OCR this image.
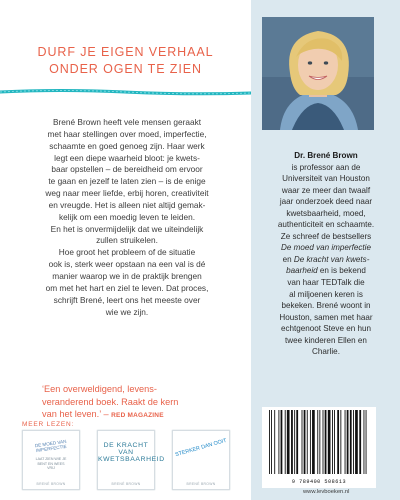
DURF JE EIGEN VERHAAL
ONDER OGEN TE ZIEN
Brené Brown heeft vele mensen geraakt
met haar stellingen over moed, imperfectie,
schaamte en goed genoeg zijn. Haar werk
legt een diepe waarheid bloot: je kwets-
baar opstellen – de bereidheid om ervoor
te gaan en jezelf te laten zien – is de enige
weg naar meer liefde, erbij horen, creativiteit
en vreugde. Het is alleen niet altijd gemak-
kelijk om een moedig leven te leiden.
En het is onvermijdelijk dat we uiteindelijk
zullen struikelen.
Hoe groot het probleem of de situatie
ook is, sterk weer opstaan na een val is dé
manier waarop we in de praktijk brengen
om met het hart en ziel te leven. Dat proces,
schrijft Brené, leert ons het meeste over
wie we zijn.
‘Een overweldigend, levens-
veranderend boek. Raakt de kern
van het leven.’ – RED MAGAZINE
MEER LEZEN:
DE MOED VAN IMPERFECTIE
LAAT ZIEN WIE JE BENT EN WEES VRIJ
BRENÉ BROWN
DE KRACHT VAN KWETSBAARHEID
BRENÉ BROWN
STERKER DAN OOIT
BRENÉ BROWN
Dr. Brené Brown
is professor aan de
Universiteit van Houston
waar ze meer dan twaalf
jaar onderzoek deed naar
kwetsbaarheid, moed,
authenticiteit en schaamte.
Ze schreef de bestsellers
De moed van imperfectie
en De kracht van kwets-
baarheid en is bekend
van haar TEDTalk die
al miljoenen keren is
bekeken. Brené woont in
Houston, samen met haar
echtgenoot Steve en hun
twee kinderen Ellen en
Charlie.
9 789400 508613
www.levboeken.nl
